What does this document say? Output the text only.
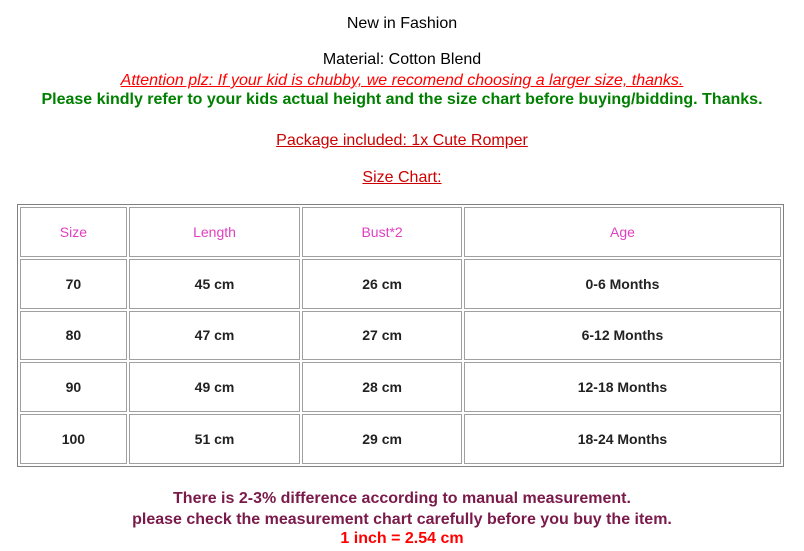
New in Fashion
Material: Cotton Blend
Attention plz: If your kid is chubby, we recomend choosing a larger size, thanks.
Please kindly refer to your kids actual height and the size chart before buying/bidding. Thanks.
Package included: 1x Cute Romper
Size Chart:
Size	Length	Bust*2	Age
70	45 cm	26 cm	0-6 Months
80	47 cm	27 cm	6-12 Months
90	49 cm	28 cm	12-18 Months
100	51 cm	29 cm	18-24 Months
There is 2-3% difference according to manual measurement.
please check the measurement chart carefully before you buy the item.
1 inch = 2.54 cm
